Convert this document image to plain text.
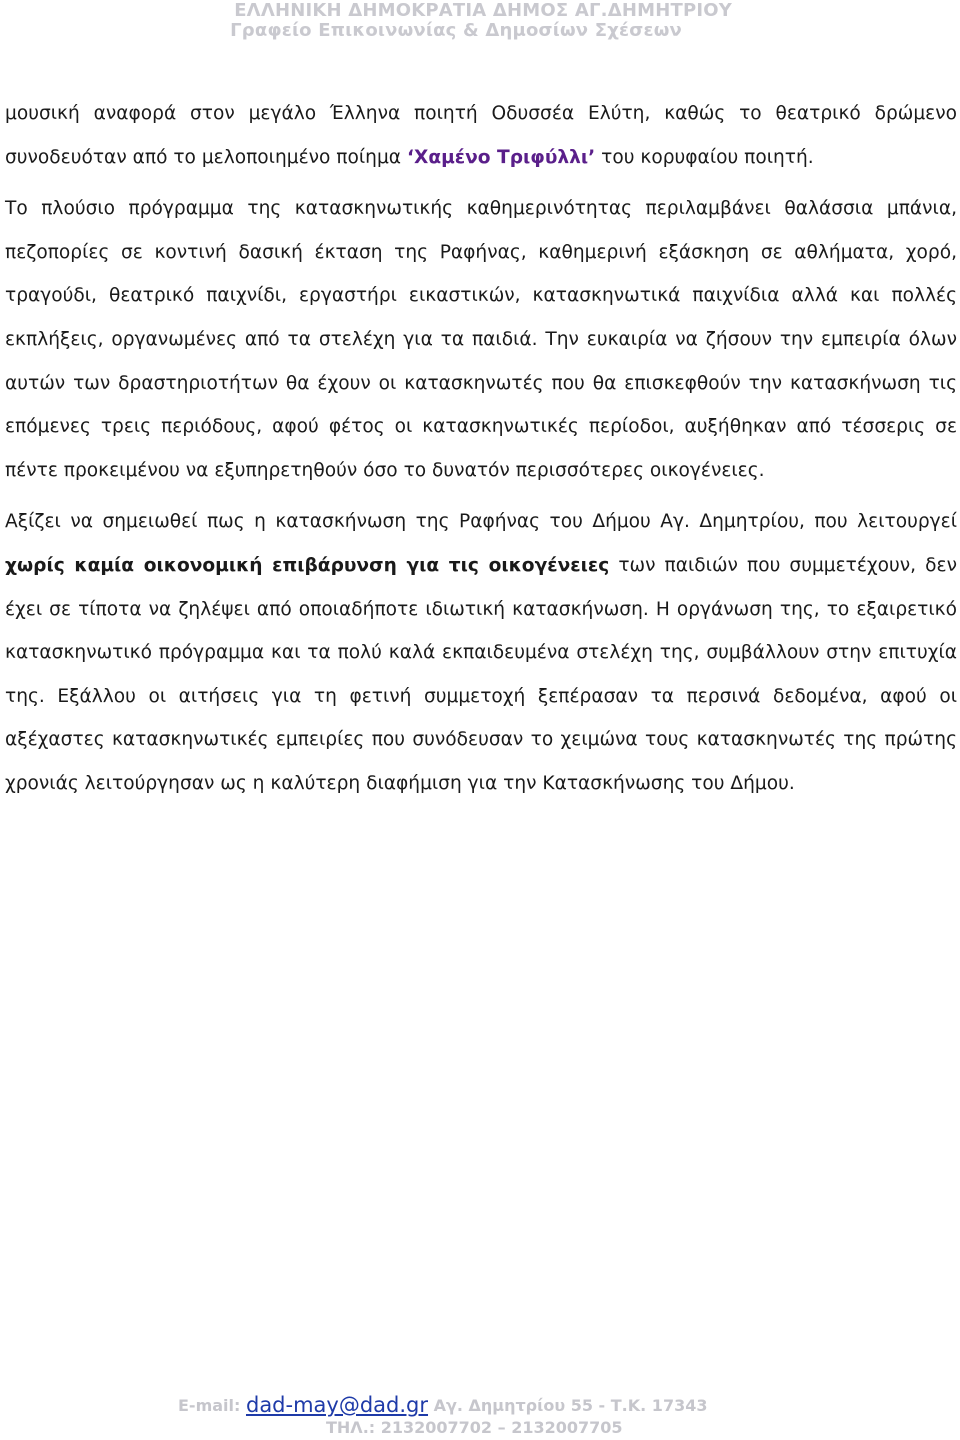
ΕΛΛΗΝΙΚΗ ΔΗΜΟΚΡΑΤΙΑ ΔΗΜΟΣ ΑΓ.ΔΗΜΗΤΡΙΟΥ
Γραφείο Επικοινωνίας & Δημοσίων Σχέσεων

μουσική αναφορά στον μεγάλο Έλληνα ποιητή Οδυσσέα Ελύτη, καθώς το θεατρικό δρώμενο συνοδευόταν από το μελοποιημένο ποίημα ‘Χαμένο Τριφύλλι’ του κορυφαίου ποιητή.

Το πλούσιο πρόγραμμα της κατασκηνωτικής καθημερινότητας περιλαμβάνει θαλάσσια μπάνια, πεζοπορίες σε κοντινή δασική έκταση της Ραφήνας, καθημερινή εξάσκηση σε αθλήματα, χορό, τραγούδι, θεατρικό παιχνίδι, εργαστήρι εικαστικών, κατασκηνωτικά παιχνίδια αλλά και πολλές εκπλήξεις, οργανωμένες από τα στελέχη για τα παιδιά. Την ευκαιρία να ζήσουν την εμπειρία όλων αυτών των δραστηριοτήτων θα έχουν οι κατασκηνωτές που θα επισκεφθούν την κατασκήνωση τις επόμενες τρεις περιόδους, αφού φέτος οι κατασκηνωτικές περίοδοι, αυξήθηκαν από τέσσερις σε πέντε προκειμένου να εξυπηρετηθούν όσο το δυνατόν περισσότερες οικογένειες.

Αξίζει να σημειωθεί πως η κατασκήνωση της Ραφήνας του Δήμου Αγ. Δημητρίου, που λειτουργεί χωρίς καμία οικονομική επιβάρυνση για τις οικογένειες των παιδιών που συμμετέχουν, δεν έχει σε τίποτα να ζηλέψει από οποιαδήποτε ιδιωτική κατασκήνωση. Η οργάνωση της, το εξαιρετικό κατασκηνωτικό πρόγραμμα και τα πολύ καλά εκπαιδευμένα στελέχη της, συμβάλλουν στην επιτυχία της. Εξάλλου οι αιτήσεις για τη φετινή συμμετοχή ξεπέρασαν τα περσινά δεδομένα, αφού οι αξέχαστες κατασκηνωτικές εμπειρίες που συνόδευσαν το χειμώνα τους κατασκηνωτές της πρώτης χρονιάς λειτούργησαν ως η καλύτερη διαφήμιση για την Κατασκήνωσης του Δήμου.

E-mail: dad-may@dad.gr Αγ. Δημητρίου 55 - Τ.Κ. 17343
ΤΗΛ.: 2132007702 – 2132007705
